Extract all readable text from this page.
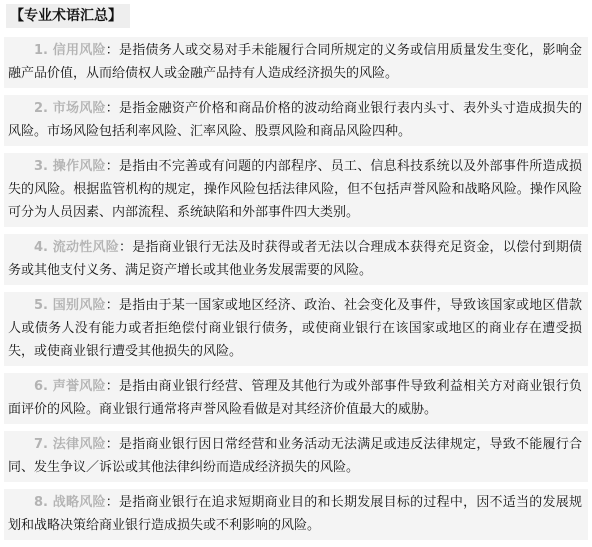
【专业术语汇总】
1. 信用风险：是指债务人或交易对手未能履行合同所规定的义务或信用质量发生变化，影响金融产品价值，从而给债权人或金融产品持有人造成经济损失的风险。
2. 市场风险：是指金融资产价格和商品价格的波动给商业银行表内头寸、表外头寸造成损失的风险。市场风险包括利率风险、汇率风险、股票风险和商品风险四种。
3. 操作风险：是指由不完善或有问题的内部程序、员工、信息科技系统以及外部事件所造成损失的风险。根据监管机构的规定，操作风险包括法律风险，但不包括声誉风险和战略风险。操作风险可分为人员因素、内部流程、系统缺陷和外部事件四大类别。
4. 流动性风险：是指商业银行无法及时获得或者无法以合理成本获得充足资金，以偿付到期债务或其他支付义务、满足资产增长或其他业务发展需要的风险。
5. 国别风险：是指由于某一国家或地区经济、政治、社会变化及事件，导致该国家或地区借款人或债务人没有能力或者拒绝偿付商业银行债务，或使商业银行在该国家或地区的商业存在遭受损失，或使商业银行遭受其他损失的风险。
6. 声誉风险：是指由商业银行经营、管理及其他行为或外部事件导致利益相关方对商业银行负面评价的风险。商业银行通常将声誉风险看做是对其经济价值最大的威胁。
7. 法律风险：是指商业银行因日常经营和业务活动无法满足或违反法律规定，导致不能履行合同、发生争议／诉讼或其他法律纠纷而造成经济损失的风险。
8. 战略风险：是指商业银行在追求短期商业目的和长期发展目标的过程中，因不适当的发展规划和战略决策给商业银行造成损失或不利影响的风险。
